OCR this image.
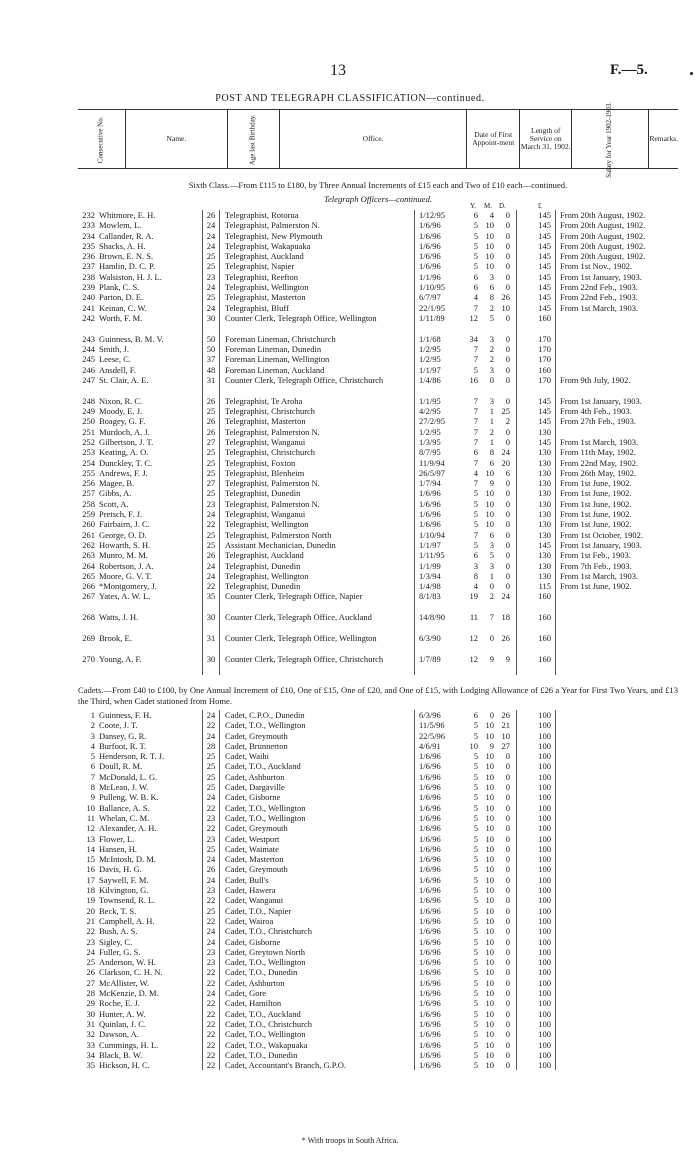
13	F.—5.
POST AND TELEGRAPH CLASSIFICATION—continued.
Consecutive No.	Name.	Age last Birthday.	Office.	Date of First Appoint-ment	Length of Service on March 31, 1902.	Salary for Year 1902-1903.	Remarks.
Sixth Class.—From £115 to £180, by Three Annual Increments of £15 each and Two of £10 each—continued.
Telegraph Officers—continued.
Y. M. D.	£
232 Whitmore, E. H.	26	Telegraphist, Rotorua	1/12/95	6	4	0	145	From 20th August, 1902.
233 Mowlem, L.	24	Telegraphist, Palmerston N.	1/6/96	5 10	0	145	From 20th August, 1902.
234 Callander, R. A.	24	Telegraphist, New Plymouth	1/6/96	5 10	0	145	From 20th August, 1902.
235 Shacks, A. H.	24	Telegraphist, Wakapuaka	1/6/96	5 10	0	145	From 20th August, 1902.
236 Brown, E. N. S.	25	Telegraphist, Auckland	1/6/96	5 10	0	145	From 20th August, 1902.
237 Hamlin, D. C. P.	25	Telegraphist, Napier	1/6/96	5 10	0	145	From 1st Nov., 1902.
238 Walsiston, H. J. L.	23	Telegraphist, Reefton	1/1/96	6	3	0	145	From 1st January, 1903.
239 Plank, C. S.	24	Telegraphist, Wellington	1/10/95	6	6	0	145	From 22nd Feb., 1903.
240 Parton, D. E.	25	Telegraphist, Masterton	6/7/97	4	8 26	145	From 22nd Feb., 1903.
241 Keinan, C. W.	24	Telegraphist, Bluff	22/1/95	7	2 10	145	From 1st March, 1903.
242 Worth, F. M.	30	Counter Clerk, Telegraph Office, Wellington	1/11/89	12	5	0	160
243 Guinness, B. M. V.	50	Foreman Lineman, Christchurch	1/1/68	34	3	0	170
244 Smith, J.	50	Foreman Lineman, Dunedin	1/2/95	7	2	0	170
245 Leese, C.	37	Foreman Lineman, Wellington	1/2/95	7	2	0	170
246 Ansdell, F.	48	Foreman Lineman, Auckland	1/1/97	5	3	0	160
247 St. Clair, A. E.	31	Counter Clerk, Telegraph Office, Christchurch	1/4/86	16	0	0	170	From 9th July, 1902.
248 Nixon, R. C.	26	Telegraphist, Te Aroha	1/1/95	7	3	0	145	From 1st January, 1903.
249 Moody, E. J.	25	Telegraphist, Christchurch	4/2/95	7	1 25	145	From 4th Feb., 1903.
250 Boagey, G. F.	26	Telegraphist, Masterton	27/2/95	7	1	2	145	From 27th Feb., 1903.
251 Murdoch, A. J.	26	Telegraphist, Palmerston N.	1/2/95	7	2	0	130
252 Gilbertson, J. T.	27	Telegraphist, Wanganui	1/3/95	7	1	0	145	From 1st March, 1903.
253 Keating, A. O.	25	Telegraphist, Christchurch	8/7/95	6	8 24	130	From 11th May, 1902.
254 Dunckley, T. C.	25	Telegraphist, Foxton	11/9/94	7	6 20	130	From 22nd May, 1902.
255 Andrews, F. J.	25	Telegraphist, Blenheim	26/5/97	4 10	6	130	From 26th May, 1902.
256 Magee, B.	27	Telegraphist, Palmerston N.	1/7/94	7	9	0	130	From 1st June, 1902.
257 Gibbs, A.	25	Telegraphist, Dunedin	1/6/96	5 10	0	130	From 1st June, 1902.
258 Scott, A.	23	Telegraphist, Palmerston N.	1/6/96	5 10	0	130	From 1st June, 1902.
259 Pretsch, F. J.	24	Telegraphist, Wanganui	1/6/96	5 10	0	130	From 1st June, 1902.
260 Fairbairn, J. C.	22	Telegraphist, Wellington	1/6/96	5 10	0	130	From 1st June, 1902.
261 George, O. D.	25	Telegraphist, Palmerston North	1/10/94	7	6	0	130	From 1st October, 1902.
262 Howarth, S. H.	25	Assistant Mechanician, Dunedin	1/1/97	5	3	0	145	From 1st January, 1903.
263 Munro, M. M.	26	Telegraphist, Auckland	1/11/95	6	5	0	130	From 1st Feb., 1903.
264 Robertson, J. A.	24	Telegraphist, Dunedin	1/1/99	3	3	0	130	From 7th Feb., 1903.
265 Moore, G. V. T.	24	Telegraphist, Wellington	1/3/94	8	1	0	130	From 1st March, 1903.
266 *Montgomery, J.	22	Telegraphist, Dunedin	1/4/98	4	0	0	115	From 1st June, 1902.
267 Yates, A. W. L.	35	Counter Clerk, Telegraph Office, Napier	8/1/83	19	2 24	160
268 Watts, J. H.	30	Counter Clerk, Telegraph Office, Auckland	14/8/90	11	7 18	160
269 Brook, E.	31	Counter Clerk, Telegraph Office, Wellington	6/3/90	12	0 26	160
270 Young, A. F.	30	Counter Clerk, Telegraph Office, Christchurch	1/7/89	12	9	9	160
Cadets.—From £40 to £100, by One Annual Increment of £10, One of £15, One of £20, and One of £15, with Lodging Allowance of £26 a Year for First Two Years, and £13 the Third, when Cadet stationed from Home.
1 Guinness, F. H.	24	Cadet, C.P.O., Dunedin	6/3/96	6	0 26	100
2 Coote, J. T.	22	Cadet, T.O., Wellington	11/5/96	5 10 21	100
3 Dansey, G. R.	24	Cadet, Greymouth	22/5/96	5 10 10	100
4 Burfoot, R. T.	28	Cadet, Brunnerton	4/6/91	10	9 27	100
5 Henderson, R. T. J.	25	Cadet, Waihi	1/6/96	5 10	0	100
6 Doull, R. M.	25	Cadet, T.O., Auckland	1/6/96	5 10	0	100
7 McDonald, L. G.	25	Cadet, Ashburton	1/6/96	5 10	0	100
8 McLean, J. W.	25	Cadet, Dargaville	1/6/96	5 10	0	100
9 Pulleng, W. B. K.	24	Cadet, Gisborne	1/6/96	5 10	0	100
10 Ballance, A. S.	22	Cadet, T.O., Wellington	1/6/96	5 10	0	100
11 Whelan, C. M.	23	Cadet, T.O., Wellington	1/6/96	5 10	0	100
12 Alexander, A. H.	22	Cadet, Greymouth	1/6/96	5 10	0	100
13 Flower, L.	23	Cadet, Westport	1/6/96	5 10	0	100
14 Hansen, H.	25	Cadet, Waimate	1/6/96	5 10	0	100
15 McIntosh, D. M.	24	Cadet, Masterton	1/6/96	5 10	0	100
16 Davis, H. G.	26	Cadet, Greymouth	1/6/96	5 10	0	100
17 Saywell, F. M.	24	Cadet, Bull's	1/6/96	5 10	0	100
18 Kilvington, G.	23	Cadet, Hawera	1/6/96	5 10	0	100
19 Townsend, R. L.	22	Cadet, Wanganui	1/6/96	5 10	0	100
20 Beck, T. S.	25	Cadet, T.O., Napier	1/6/96	5 10	0	100
21 Campbell, A. H.	22	Cadet, Wairoa	1/6/96	5 10	0	100
22 Bush, A. S.	24	Cadet, T.O., Christchurch	1/6/96	5 10	0	100
23 Sigley, C.	24	Cadet, Gisborne	1/6/96	5 10	0	100
24 Fuller, G. S.	23	Cadet, Greytown North	1/6/96	5 10	0	100
25 Anderson, W. H.	23	Cadet, T.O., Wellington	1/6/96	5 10	0	100
26 Clarkson, C. H. N.	22	Cadet, T.O., Dunedin	1/6/96	5 10	0	100
27 McAllister, W.	22	Cadet, Ashburton	1/6/96	5 10	0	100
28 McKenzie, D. M.	24	Cadet, Gore	1/6/96	5 10	0	100
29 Roche, E. J.	22	Cadet, Hamilton	1/6/96	5 10	0	100
30 Hunter, A. W.	22	Cadet, T.O., Auckland	1/6/96	5 10	0	100
31 Quinlan, J. C.	22	Cadet, T.O., Christchurch	1/6/96	5 10	0	100
32 Dawson, A.	22	Cadet, T.O., Wellington	1/6/96	5 10	0	100
33 Cummings, H. L.	22	Cadet, T.O., Wakapuaka	1/6/96	5 10	0	100
34 Black, B. W.	22	Cadet, T.O., Dunedin	1/6/96	5 10	0	100
35 Hickson, H. C.	22	Cadet, Accountant's Branch, G.P.O.	1/6/96	5 10	0	100
* With troops in South Africa.
